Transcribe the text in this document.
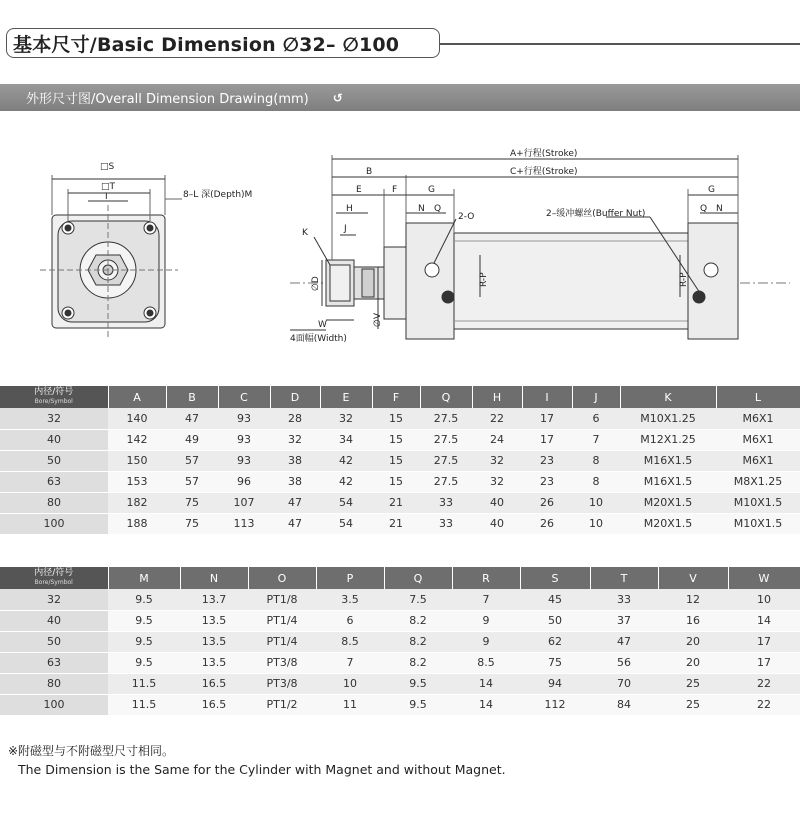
基本尺寸/Basic Dimension ∅32– ∅100
外形尺寸图/Overall Dimension Drawing(mm) ↺
□S
□T
I	8–L 深(Depth)M
A+行程(Stroke)
C+行程(Stroke)
B
E	F	G	G
H
J
K
N Q
2-O	2–缓冲螺丝(Buffer Nut)	Q N
∅D
∅V
R-P	R-P
W
4面幅(Width)
内径/符号
Bore/Symbol	A	B	C	D	E	F	Q	H	I	J	K	L
32	140	47	93	28	32	15	27.5	22	17	6	M10X1.25	M6X1
40	142	49	93	32	34	15	27.5	24	17	7	M12X1.25	M6X1
50	150	57	93	38	42	15	27.5	32	23	8	M16X1.5	M6X1
63	153	57	96	38	42	15	27.5	32	23	8	M16X1.5	M8X1.25
80	182	75	107	47	54	21	33	40	26	10	M20X1.5	M10X1.5
100	188	75	113	47	54	21	33	40	26	10	M20X1.5	M10X1.5
内径/符号
Bore/Symbol	M	N	O	P	Q	R	S	T	V	W
32	9.5	13.7	PT1/8	3.5	7.5	7	45	33	12	10
40	9.5	13.5	PT1/4	6	8.2	9	50	37	16	14
50	9.5	13.5	PT1/4	8.5	8.2	9	62	47	20	17
63	9.5	13.5	PT3/8	7	8.2	8.5	75	56	20	17
80	11.5	16.5	PT3/8	10	9.5	14	94	70	25	22
100	11.5	16.5	PT1/2	11	9.5	14	112	84	25	22
※附磁型与不附磁型尺寸相同。
The Dimension is the Same for the Cylinder with Magnet and without Magnet.
